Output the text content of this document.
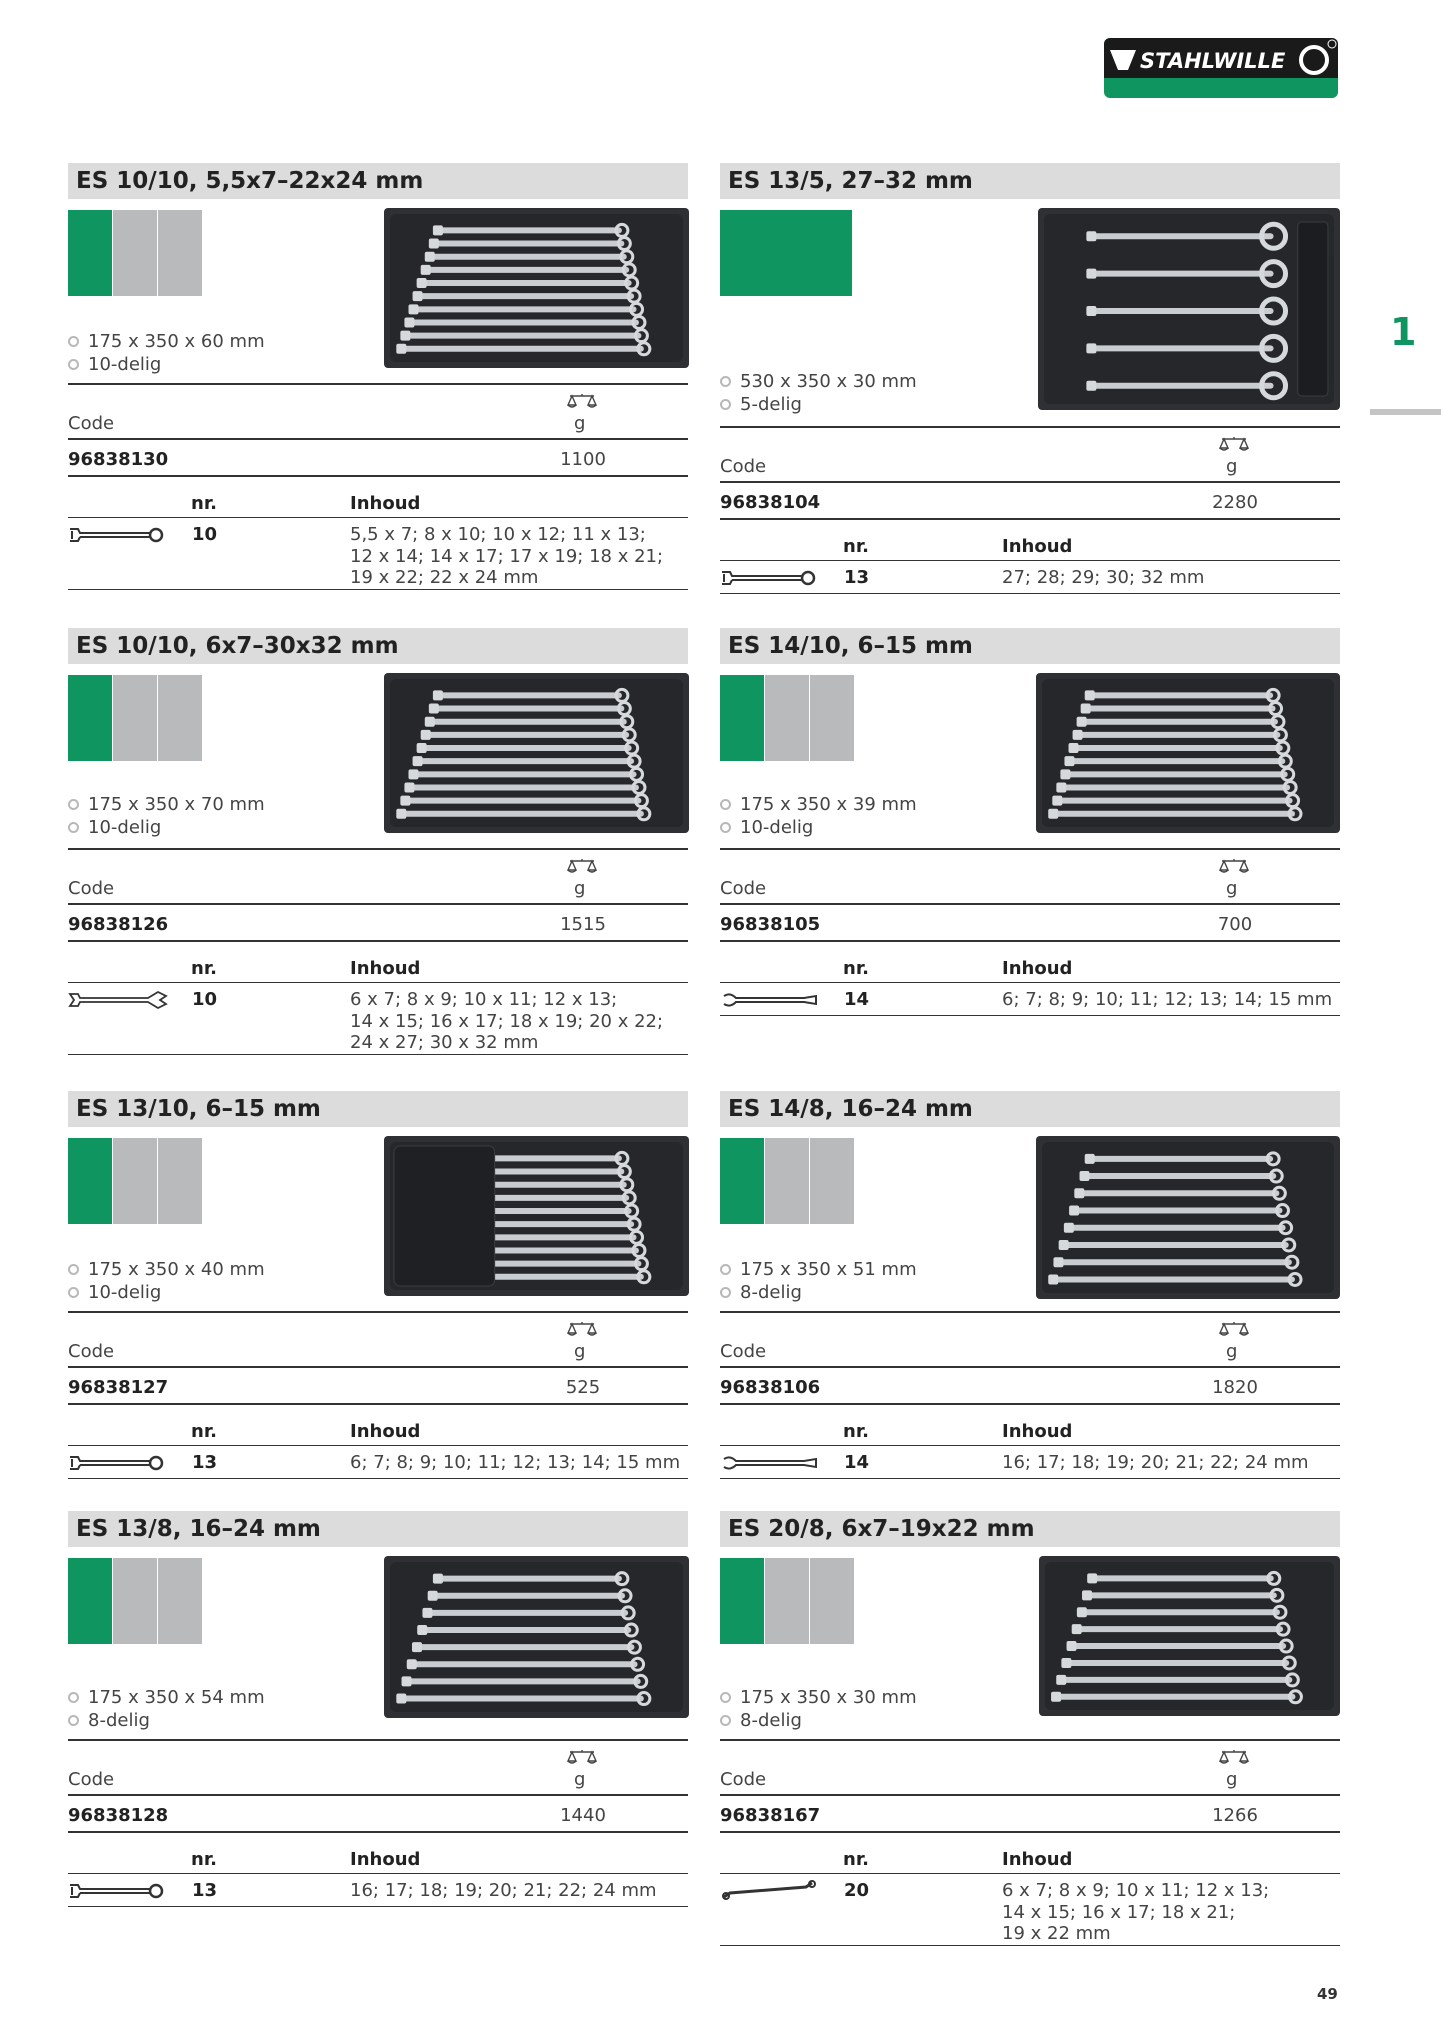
STAHLWILLE
1
ES 10/10, 5,5x7–22x24 mm
175 x 350 x 60 mm
10-delig
g
Code
96838130	1100
nr.	Inhoud
10	5,5 x 7; 8 x 10; 10 x 12; 11 x 13;
12 x 14; 14 x 17; 17 x 19; 18 x 21;
19 x 22; 22 x 24 mm
ES 13/5, 27–32 mm
530 x 350 x 30 mm
5-delig
g
Code
96838104	2280
nr.	Inhoud
13	27; 28; 29; 30; 32 mm
ES 10/10, 6x7–30x32 mm
175 x 350 x 70 mm
10-delig
g
Code
96838126	1515
nr.	Inhoud
10	6 x 7; 8 x 9; 10 x 11; 12 x 13;
14 x 15; 16 x 17; 18 x 19; 20 x 22;
24 x 27; 30 x 32 mm
ES 14/10, 6–15 mm
175 x 350 x 39 mm
10-delig
g
Code
96838105	700
nr.	Inhoud
14	6; 7; 8; 9; 10; 11; 12; 13; 14; 15 mm
ES 13/10, 6–15 mm
175 x 350 x 40 mm
10-delig
g
Code
96838127	525
nr.	Inhoud
13	6; 7; 8; 9; 10; 11; 12; 13; 14; 15 mm
ES 14/8, 16–24 mm
175 x 350 x 51 mm
8-delig
g
Code
96838106	1820
nr.	Inhoud
14	16; 17; 18; 19; 20; 21; 22; 24 mm
ES 13/8, 16–24 mm
175 x 350 x 54 mm
8-delig
g
Code
96838128	1440
nr.	Inhoud
13	16; 17; 18; 19; 20; 21; 22; 24 mm
ES 20/8, 6x7–19x22 mm
175 x 350 x 30 mm
8-delig
g
Code
96838167	1266
nr.	Inhoud
20	6 x 7; 8 x 9; 10 x 11; 12 x 13;
14 x 15; 16 x 17; 18 x 21;
19 x 22 mm
49
